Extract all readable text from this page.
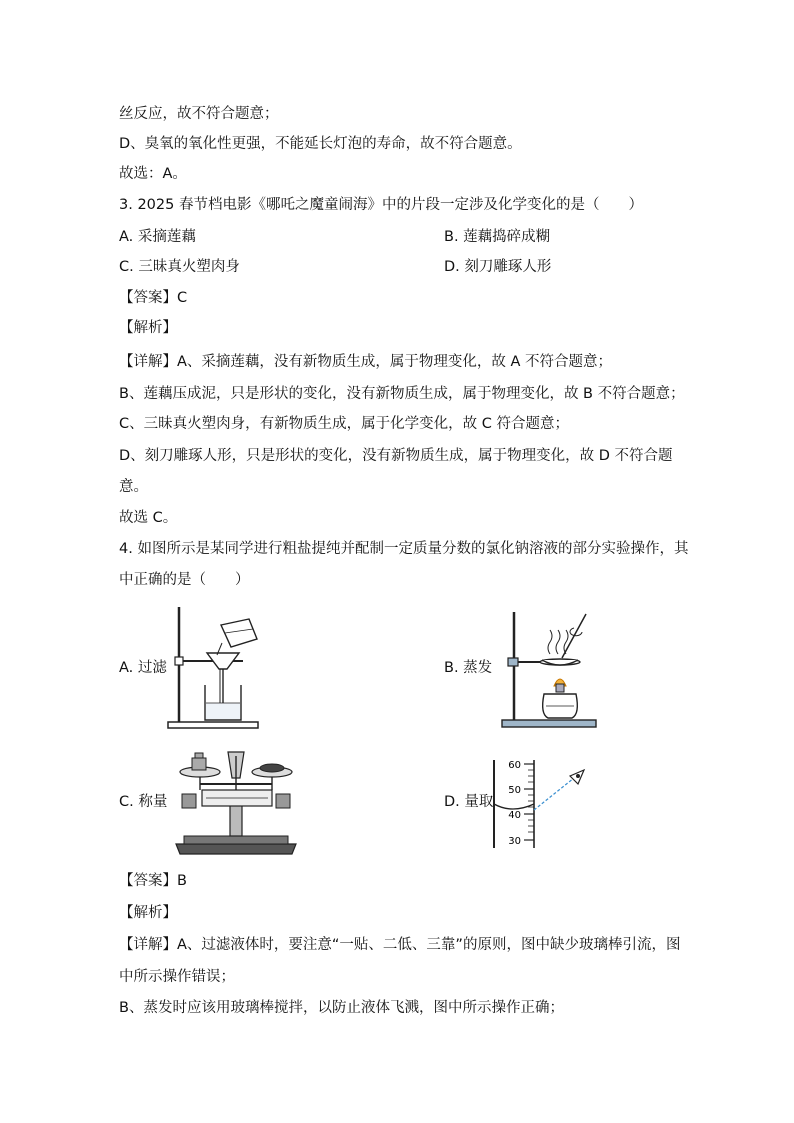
丝反应，故不符合题意；
D、臭氧的氧化性更强，不能延长灯泡的寿命，故不符合题意。
故选：A。
3. 2025 春节档电影《哪吒之魔童闹海》中的片段一定涉及化学变化的是（　　）
A. 采摘莲藕	B. 莲藕捣碎成糊
C. 三昧真火塑肉身	D. 刻刀雕琢人形
【答案】C
【解析】
【详解】A、采摘莲藕，没有新物质生成，属于物理变化，故 A 不符合题意；
B、莲藕压成泥，只是形状的变化，没有新物质生成，属于物理变化，故 B 不符合题意；
C、三昧真火塑肉身，有新物质生成，属于化学变化，故 C 符合题意；
D、刻刀雕琢人形，只是形状的变化，没有新物质生成，属于物理变化，故 D 不符合题
意。
故选 C。
4. 如图所示是某同学进行粗盐提纯并配制一定质量分数的氯化钠溶液的部分实验操作，其
中正确的是（　　）
A. 过滤	B. 蒸发
C. 称量	D. 量取
60
50
40
30
【答案】B
【解析】
【详解】A、过滤液体时，要注意“一贴、二低、三靠”的原则，图中缺少玻璃棒引流，图
中所示操作错误；
B、蒸发时应该用玻璃棒搅拌，以防止液体飞溅，图中所示操作正确；
